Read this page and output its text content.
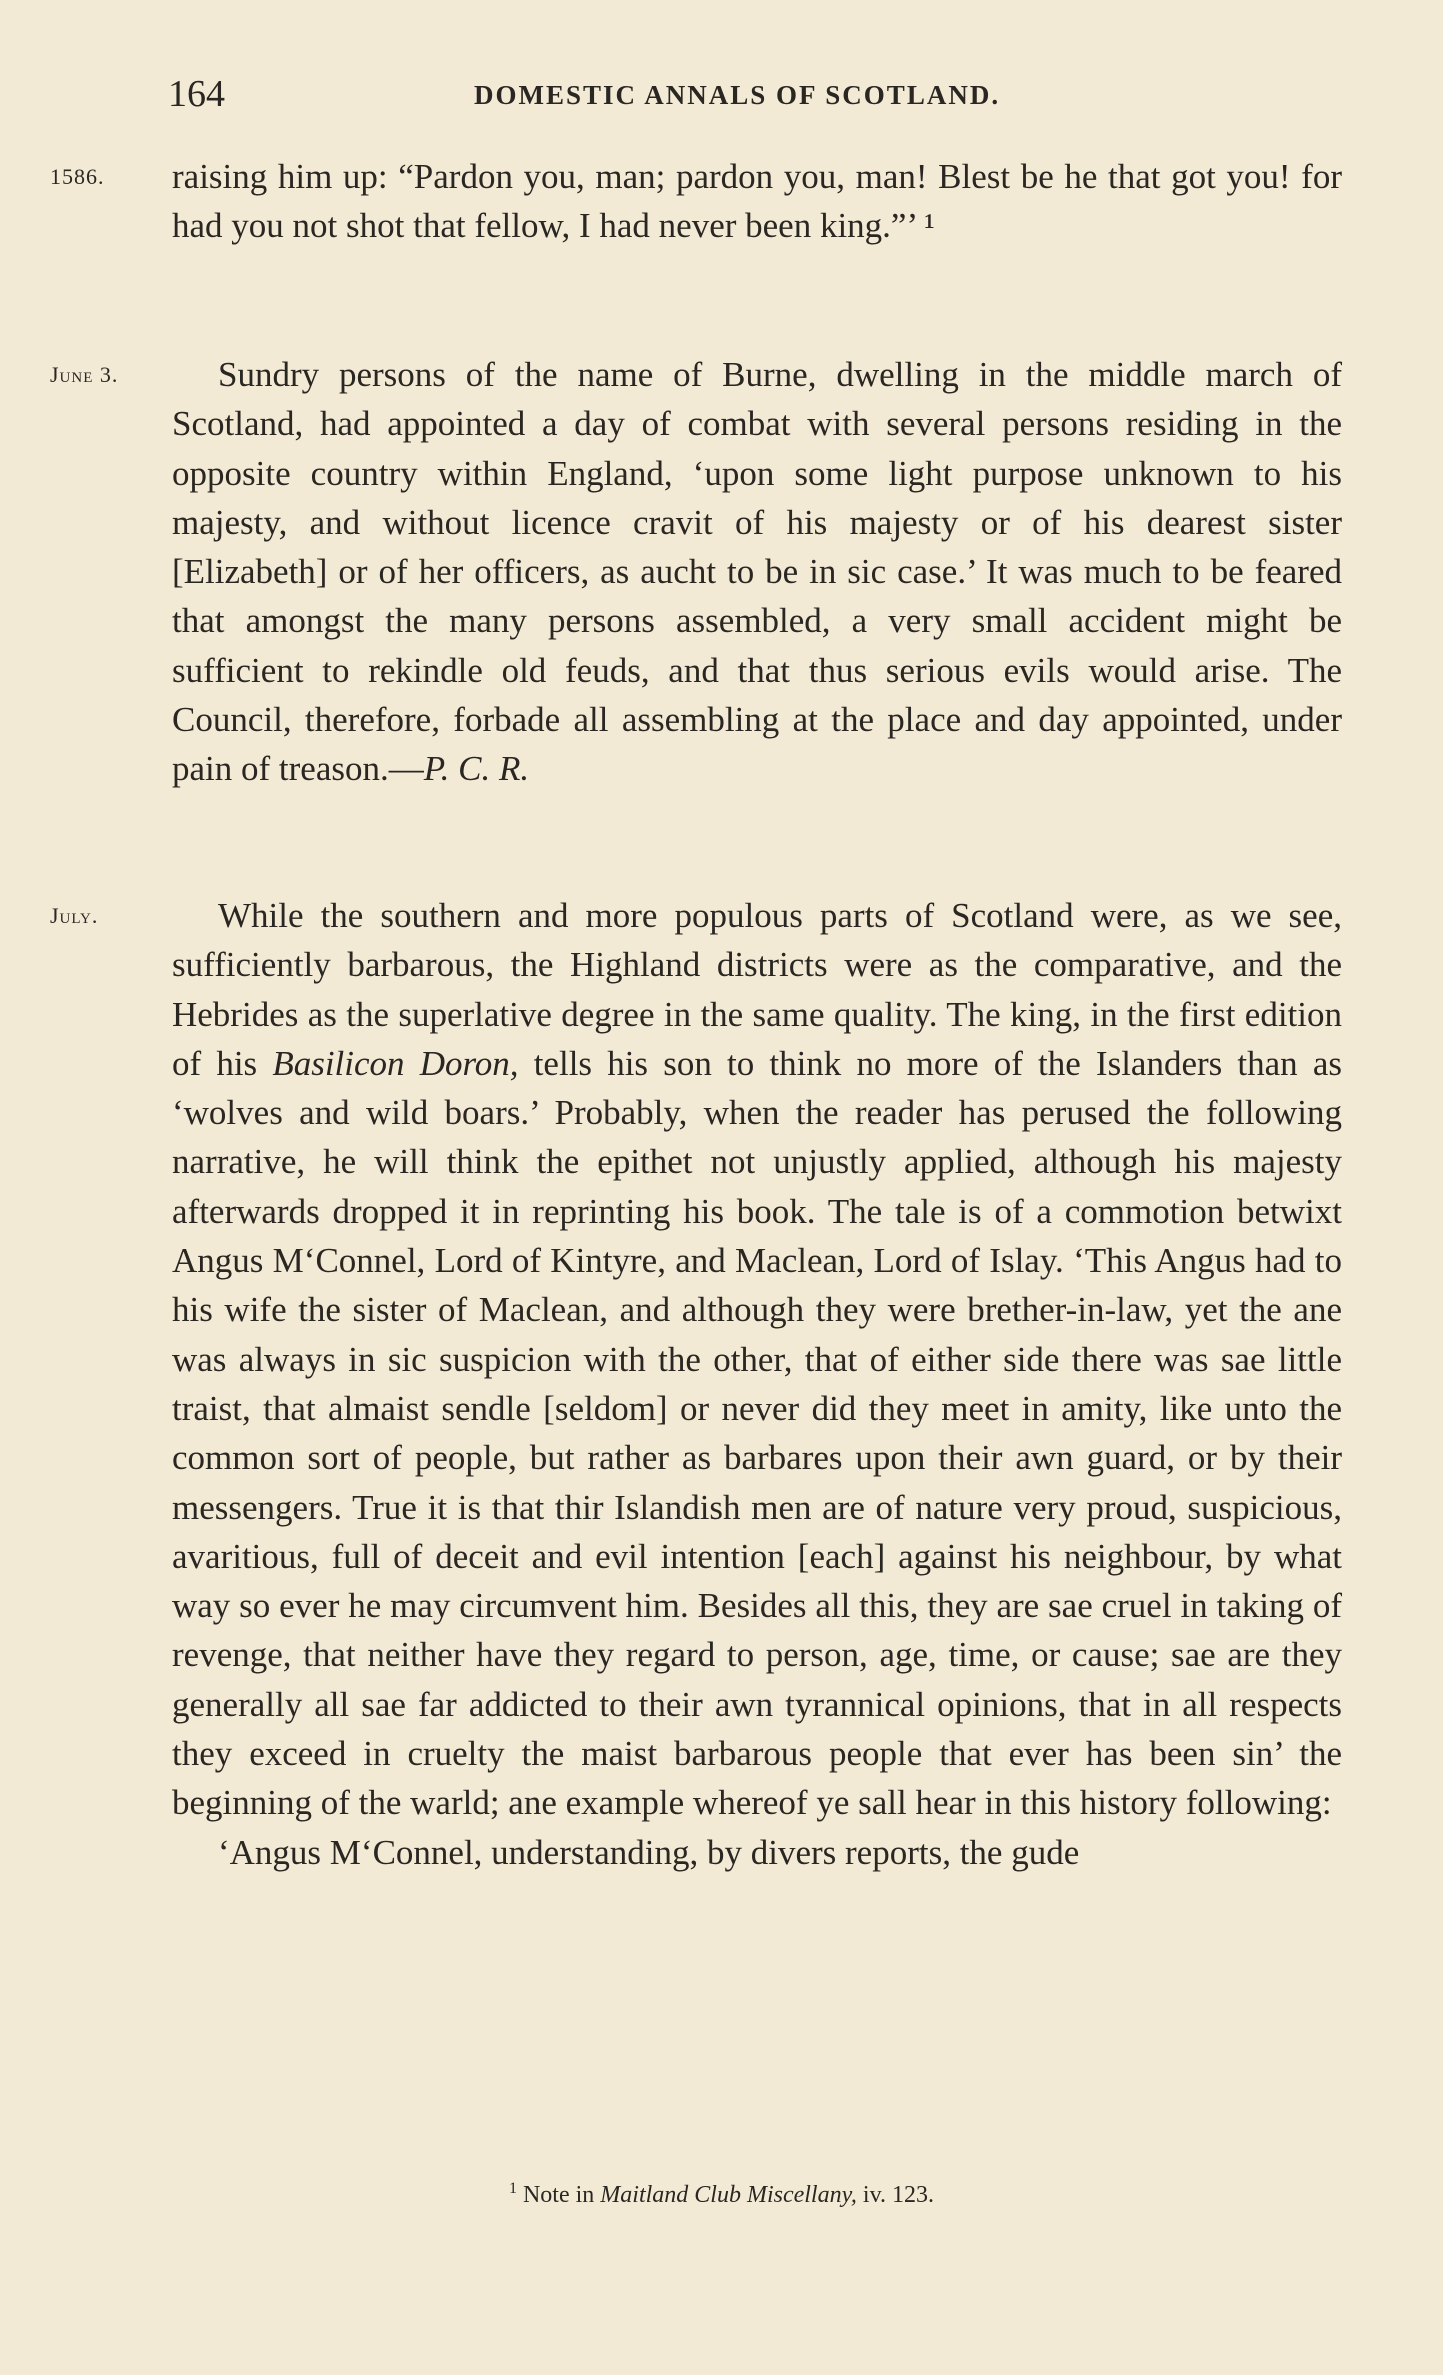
164	DOMESTIC ANNALS OF SCOTLAND.
1586.	raising him up: “Pardon you, man; pardon you, man! Blest be he that got you! for had you not shot that fellow, I had never been king.”’ ¹

June 3.	Sundry persons of the name of Burne, dwelling in the middle march of Scotland, had appointed a day of combat with several persons residing in the opposite country within England, ‘upon some light purpose unknown to his majesty, and without licence cravit of his majesty or of his dearest sister [Elizabeth] or of her officers, as aucht to be in sic case.’ It was much to be feared that amongst the many persons assembled, a very small accident might be sufficient to rekindle old feuds, and that thus serious evils would arise. The Council, therefore, forbade all assembling at the place and day appointed, under pain of treason.—P. C. R.

July.	While the southern and more populous parts of Scotland were, as we see, sufficiently barbarous, the Highland districts were as the comparative, and the Hebrides as the superlative degree in the same quality. The king, in the first edition of his Basilicon Doron, tells his son to think no more of the Islanders than as ‘wolves and wild boars.’ Probably, when the reader has perused the following narrative, he will think the epithet not unjustly applied, although his majesty afterwards dropped it in reprinting his book. The tale is of a commotion betwixt Angus M‘Connel, Lord of Kintyre, and Maclean, Lord of Islay. ‘This Angus had to his wife the sister of Maclean, and although they were brether-in-law, yet the ane was always in sic suspicion with the other, that of either side there was sae little traist, that almaist sendle [seldom] or never did they meet in amity, like unto the common sort of people, but rather as barbares upon their awn guard, or by their messengers. True it is that thir Islandish men are of nature very proud, suspicious, avaritious, full of deceit and evil intention [each] against his neighbour, by what way so ever he may circumvent him. Besides all this, they are sae cruel in taking of revenge, that neither have they regard to person, age, time, or cause; sae are they generally all sae far addicted to their awn tyrannical opinions, that in all respects they exceed in cruelty the maist barbarous people that ever has been sin’ the beginning of the warld; ane example whereof ye sall hear in this history following:

‘Angus M‘Connel, understanding, by divers reports, the gude

$^1$ Note in Maitland Club Miscellany, iv. 123.
